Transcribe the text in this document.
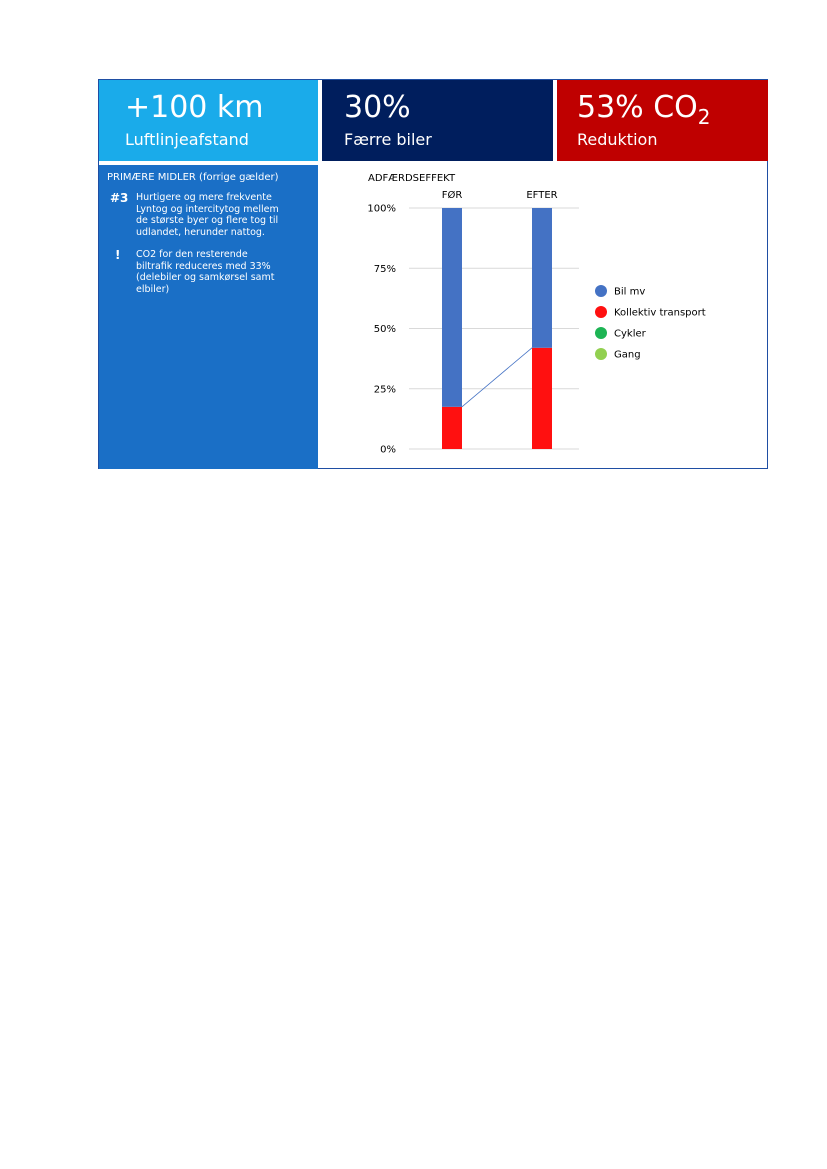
+100 km
Luftlinjeafstand
30%
Færre biler
53% $CO_2$
Reduktion
PRIMÆRE MIDLER (forrige gælder)
#3 Hurtigere og mere frekvente Lyntog og intercitytog mellem de største byer og flere tog til udlandet, herunder nattog.
!	CO2 for den resterende biltrafik reduceres med 33% (delebiler og samkørsel samt elbiler)
ADFÆRDSEFFEKT
0%
25%
50%
75%
100%
FØR	EFTER
Bil mv
Kollektiv transport
Cykler
Gang
